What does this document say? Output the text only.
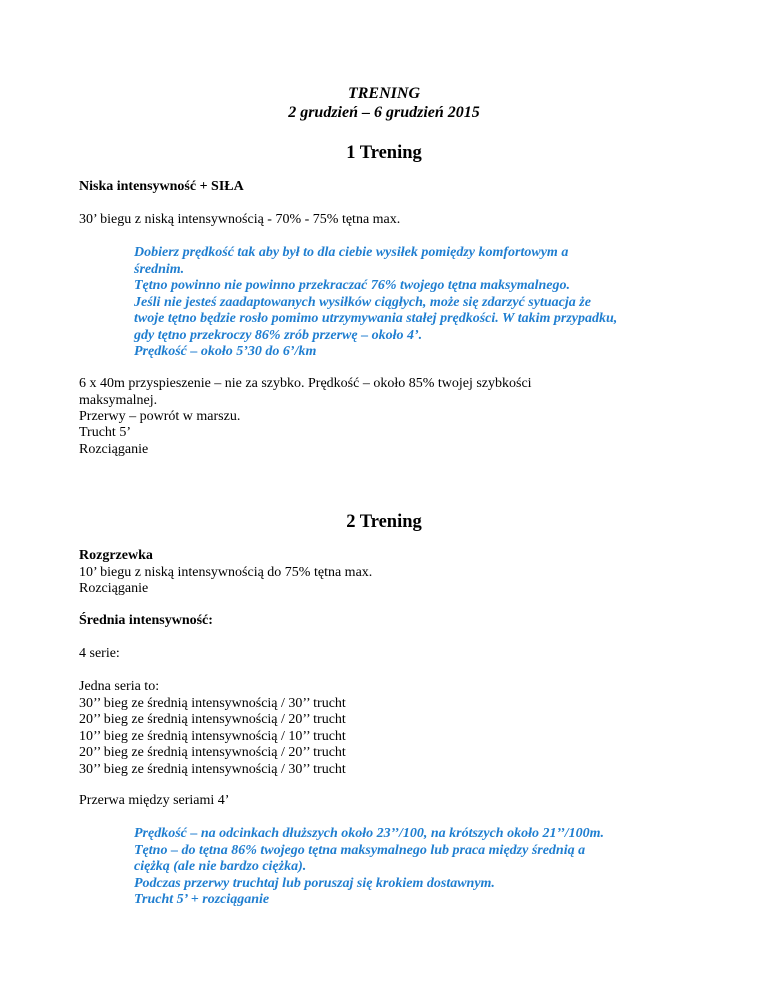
TRENING
2 grudzień – 6 grudzień 2015
1 Trening
Niska intensywność + SIŁA
30’ biegu z niską intensywnością - 70% - 75% tętna max.
Dobierz prędkość tak aby był to dla ciebie wysiłek pomiędzy komfortowym a
średnim.
Tętno powinno nie powinno przekraczać 76% twojego tętna maksymalnego.
Jeśli nie jesteś zaadaptowanych wysiłków ciągłych, może się zdarzyć sytuacja że
twoje tętno będzie rosło pomimo utrzymywania stałej prędkości. W takim przypadku,
gdy tętno przekroczy 86% zrób przerwę – około 4’.
Prędkość – około 5’30 do 6’/km
6 x 40m przyspieszenie – nie za szybko. Prędkość – około 85% twojej szybkości
maksymalnej.
Przerwy – powrót w marszu.
Trucht 5’
Rozciąganie
2 Trening
Rozgrzewka
10’ biegu z niską intensywnością do 75% tętna max.
Rozciąganie
Średnia intensywność:
4 serie:
Jedna seria to:
30’’ bieg ze średnią intensywnością / 30’’ trucht
20’’ bieg ze średnią intensywnością / 20’’ trucht
10’’ bieg ze średnią intensywnością / 10’’ trucht
20’’ bieg ze średnią intensywnością / 20’’ trucht
30’’ bieg ze średnią intensywnością / 30’’ trucht
Przerwa między seriami 4’
Prędkość – na odcinkach dłuższych około 23’’/100, na krótszych około 21’’/100m.
Tętno – do tętna 86% twojego tętna maksymalnego lub praca między średnią a
ciężką (ale nie bardzo ciężka).
Podczas przerwy truchtaj lub poruszaj się krokiem dostawnym.
Trucht 5’ + rozciąganie
